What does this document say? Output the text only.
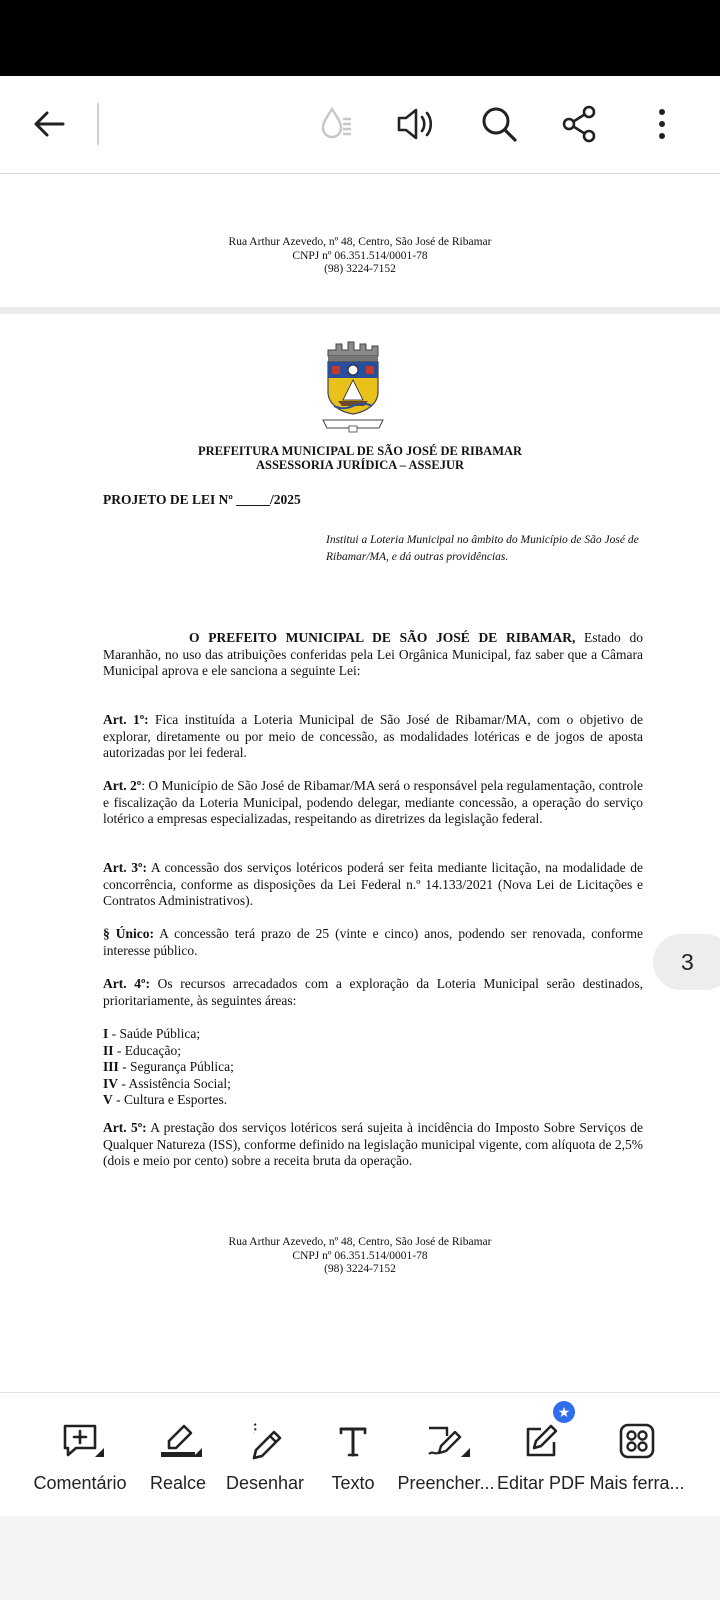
Rua Arthur Azevedo, nº 48, Centro, São José de Ribamar
CNPJ nº 06.351.514/0001-78
(98) 3224-7152
PREFEITURA MUNICIPAL DE SÃO JOSÉ DE RIBAMAR
ASSESSORIA JURÍDICA – ASSEJUR
PROJETO DE LEI Nº _____/2025
Institui a Loteria Municipal no âmbito do Município de São José de Ribamar/MA, e dá outras providências.
O PREFEITO MUNICIPAL DE SÃO JOSÉ DE RIBAMAR, Estado do Maranhão, no uso das atribuições conferidas pela Lei Orgânica Municipal, faz saber que a Câmara Municipal aprova e ele sanciona a seguinte Lei:
Art. 1º: Fica instituída a Loteria Municipal de São José de Ribamar/MA, com o objetivo de explorar, diretamente ou por meio de concessão, as modalidades lotéricas e de jogos de aposta autorizadas por lei federal.
Art. 2º: O Município de São José de Ribamar/MA será o responsável pela regulamentação, controle e fiscalização da Loteria Municipal, podendo delegar, mediante concessão, a operação do serviço lotérico a empresas especializadas, respeitando as diretrizes da legislação federal.
Art. 3º: A concessão dos serviços lotéricos poderá ser feita mediante licitação, na modalidade de concorrência, conforme as disposições da Lei Federal n.º 14.133/2021 (Nova Lei de Licitações e Contratos Administrativos).
§ Único: A concessão terá prazo de 25 (vinte e cinco) anos, podendo ser renovada, conforme interesse público.
Art. 4º: Os recursos arrecadados com a exploração da Loteria Municipal serão destinados, prioritariamente, às seguintes áreas:
I - Saúde Pública;
II - Educação;
III - Segurança Pública;
IV - Assistência Social;
V - Cultura e Esportes.
Art. 5º: A prestação dos serviços lotéricos será sujeita à incidência do Imposto Sobre Serviços de Qualquer Natureza (ISS), conforme definido na legislação municipal vigente, com alíquota de 2,5% (dois e meio por cento) sobre a receita bruta da operação.
Rua Arthur Azevedo, nº 48, Centro, São José de Ribamar
CNPJ nº 06.351.514/0001-78
(98) 3224-7152
3
Comentário Realce Desenhar Texto Preencher...
★
Editar PDF Mais ferra...
